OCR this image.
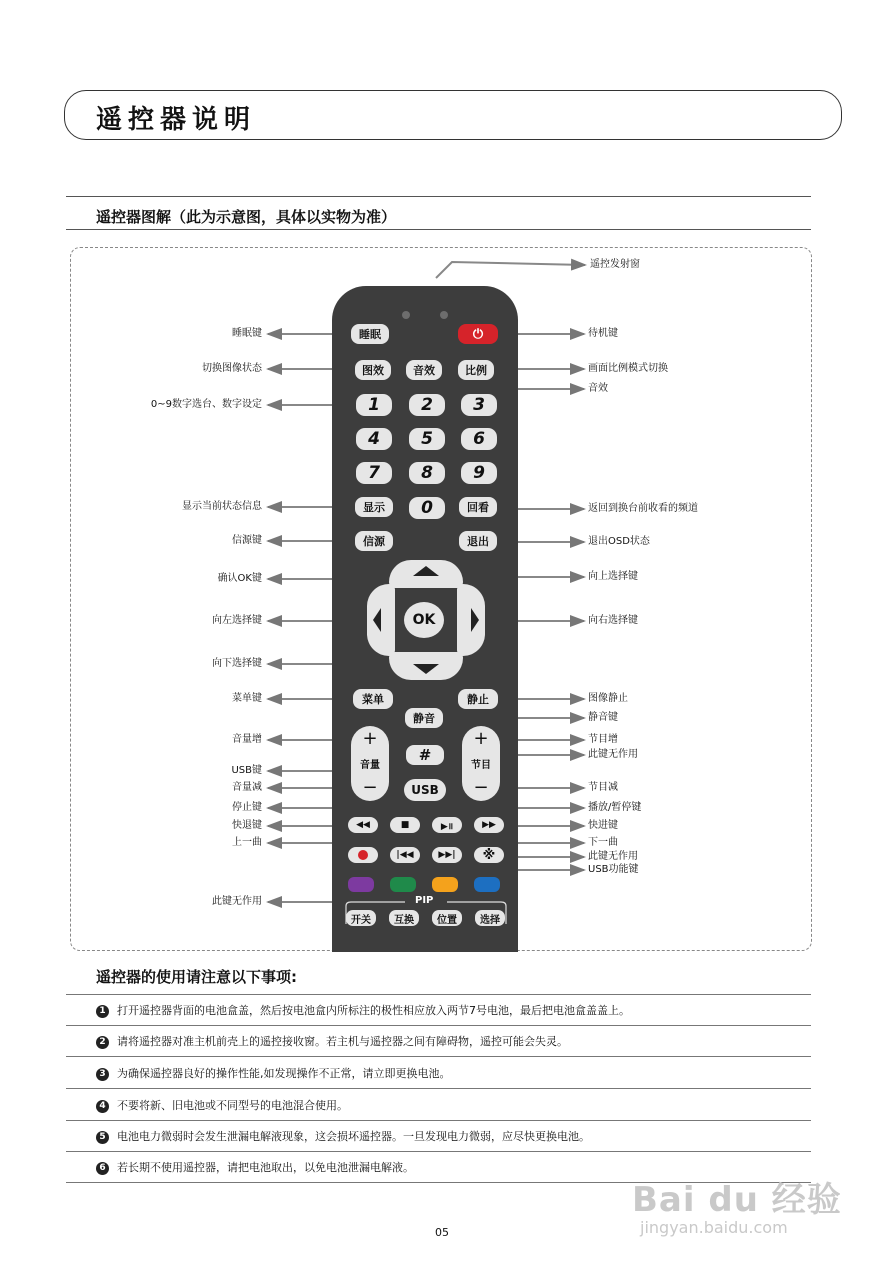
遥控器说明
遥控器图解（此为示意图，具体以实物为准）
睡眠	⏻
图效	音效	比例
1	2	3
4	5	6
7	8	9
显示	0	回看
信源	退出
OK
菜单	静止
静音
+
音量
−
+
节目
−
#
USB
◀◀	■	▶॥	▶▶
|◀◀	▶▶|	※
PIP
开关	互换	位置	选择
睡眠键
切换图像状态
0~9数字选台、数字设定
显示当前状态信息
信源键
确认OK键
向左选择键
向下选择键
菜单键
音量增
USB键
音量减
停止键
快退键
上一曲
此键无作用
遥控发射窗
待机键
画面比例模式切换
音效
返回到换台前收看的频道
退出OSD状态
向上选择键
向右选择键
图像静止
静音键
节目增
此键无作用
节目减
播放/暂停键
快进键
下一曲
此键无作用
USB功能键
遥控器的使用请注意以下事项:
1 打开遥控器背面的电池盒盖，然后按电池盒内所标注的极性相应放入两节7号电池，最后把电池盒盖盖上。
2 请将遥控器对准主机前壳上的遥控接收窗。若主机与遥控器之间有障碍物，遥控可能会失灵。
3 为确保遥控器良好的操作性能,如发现操作不正常，请立即更换电池。
4 不要将新、旧电池或不同型号的电池混合使用。
5 电池电力微弱时会发生泄漏电解液现象，这会损坏遥控器。一旦发现电力微弱，应尽快更换电池。
6 若长期不使用遥控器，请把电池取出，以免电池泄漏电解液。
Bai du 经验
jingyan.baidu.com
05
